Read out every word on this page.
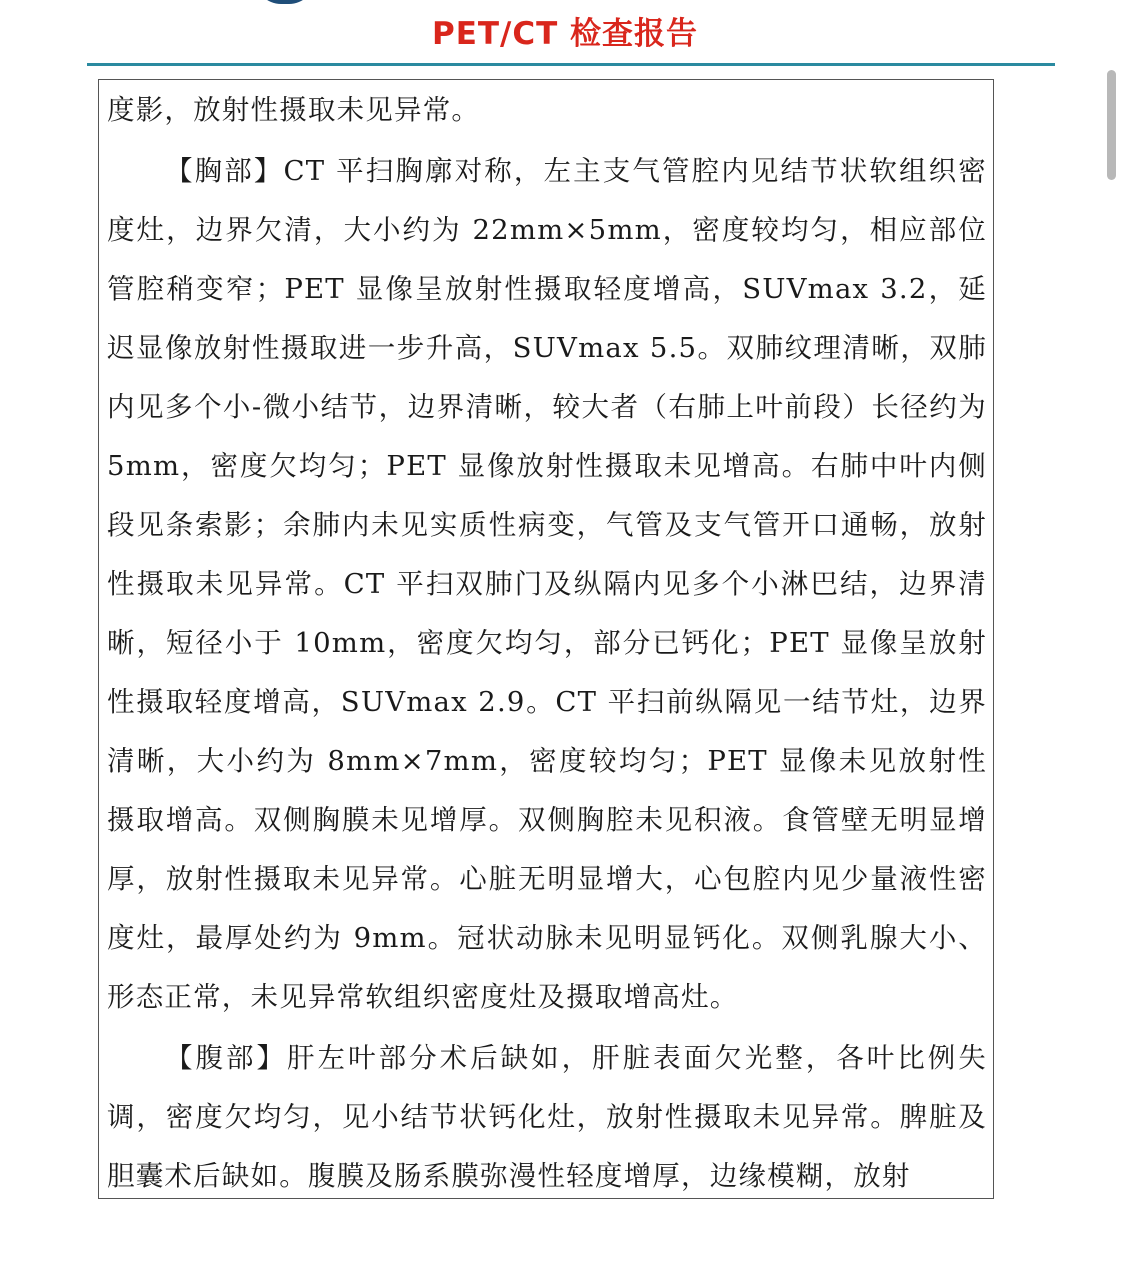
PET/CT 检查报告

度影，放射性摄取未见异常。

【胸部】CT 平扫胸廓对称，左主支气管腔内见结节状软组织密度灶，边界欠清，大小约为 22mm×5mm，密度较均匀，相应部位管腔稍变窄；PET 显像呈放射性摄取轻度增高，SUVmax 3.2，延迟显像放射性摄取进一步升高，SUVmax 5.5。双肺纹理清晰，双肺内见多个小-微小结节，边界清晰，较大者（右肺上叶前段）长径约为 5mm，密度欠均匀；PET 显像放射性摄取未见增高。右肺中叶内侧段见条索影；余肺内未见实质性病变，气管及支气管开口通畅，放射性摄取未见异常。CT 平扫双肺门及纵隔内见多个小淋巴结，边界清晰，短径小于 10mm，密度欠均匀，部分已钙化；PET 显像呈放射性摄取轻度增高，SUVmax 2.9。CT 平扫前纵隔见一结节灶，边界清晰，大小约为 8mm×7mm，密度较均匀；PET 显像未见放射性摄取增高。双侧胸膜未见增厚。双侧胸腔未见积液。食管壁无明显增厚，放射性摄取未见异常。心脏无明显增大，心包腔内见少量液性密度灶，最厚处约为 9mm。冠状动脉未见明显钙化。双侧乳腺大小、形态正常，未见异常软组织密度灶及摄取增高灶。

【腹部】肝左叶部分术后缺如，肝脏表面欠光整，各叶比例失调，密度欠均匀，见小结节状钙化灶，放射性摄取未见异常。脾脏及胆囊术后缺如。腹膜及肠系膜弥漫性轻度增厚，边缘模糊，放射
